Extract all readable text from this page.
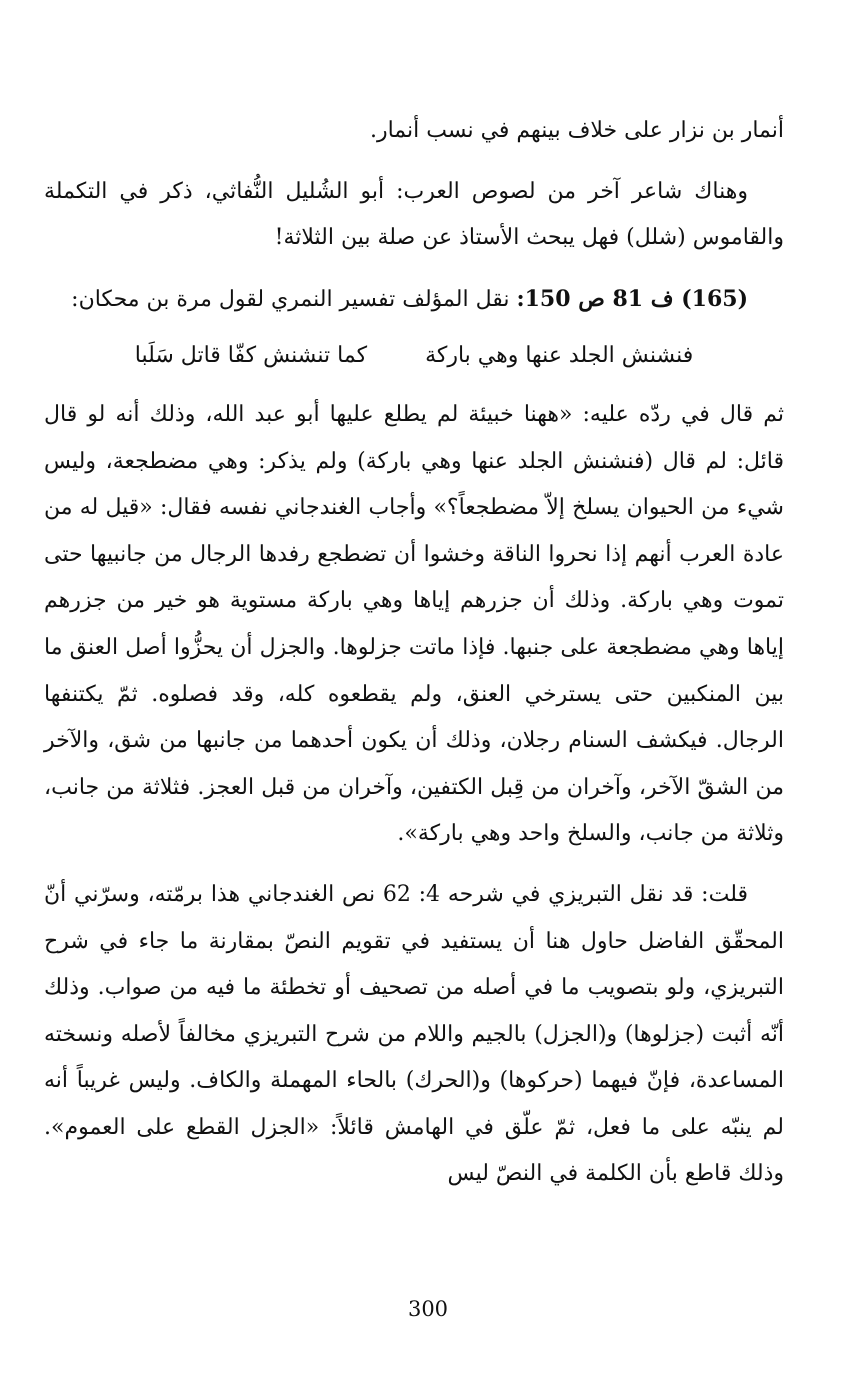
أنمار بن نزار على خلاف بينهم في نسب أنمار.

وهناك شاعر آخر من لصوص العرب: أبو الشُليل النُّفاثي، ذكر في التكملة والقاموس (شلل) فهل يبحث الأستاذ عن صلة بين الثلاثة!

(165) ف 81 ص 150: نقل المؤلف تفسير النمري لقول مرة بن محكان:

فنشنش الجلد عنها وهي باركة
كما تنشنش كفّا قاتل سَلَبا

ثم قال في ردّه عليه: «ههنا خبيئة لم يطلع عليها أبو عبد الله، وذلك أنه لو قال قائل: لم قال (فنشنش الجلد عنها وهي باركة) ولم يذكر: وهي مضطجعة، وليس شيء من الحيوان يسلخ إلاّ مضطجعاً؟» وأجاب الغندجاني نفسه فقال: «قيل له من عادة العرب أنهم إذا نحروا الناقة وخشوا أن تضطجع رفدها الرجال من جانبيها حتى تموت وهي باركة. وذلك أن جزرهم إياها وهي باركة مستوية هو خير من جزرهم إياها وهي مضطجعة على جنبها. فإذا ماتت جزلوها. والجزل أن يحزُّوا أصل العنق ما بين المنكبين حتى يسترخي العنق، ولم يقطعوه كله، وقد فصلوه. ثمّ يكتنفها الرجال. فيكشف السنام رجلان، وذلك أن يكون أحدهما من جانبها من شق، والآخر من الشقّ الآخر، وآخران من قِبل الكتفين، وآخران من قبل العجز. فثلاثة من جانب، وثلاثة من جانب، والسلخ واحد وهي باركة».

قلت: قد نقل التبريزي في شرحه 4: 62 نص الغندجاني هذا برمّته، وسرّني أنّ المحقّق الفاضل حاول هنا أن يستفيد في تقويم النصّ بمقارنة ما جاء في شرح التبريزي، ولو بتصويب ما في أصله من تصحيف أو تخطئة ما فيه من صواب. وذلك أنّه أثبت (جزلوها) و(الجزل) بالجيم واللام من شرح التبريزي مخالفاً لأصله ونسخته المساعدة، فإنّ فيهما (حركوها) و(الحرك) بالحاء المهملة والكاف. وليس غريباً أنه لم ينبّه على ما فعل، ثمّ علّق في الهامش قائلاً: «الجزل القطع على العموم». وذلك قاطع بأن الكلمة في النصّ ليس

300
